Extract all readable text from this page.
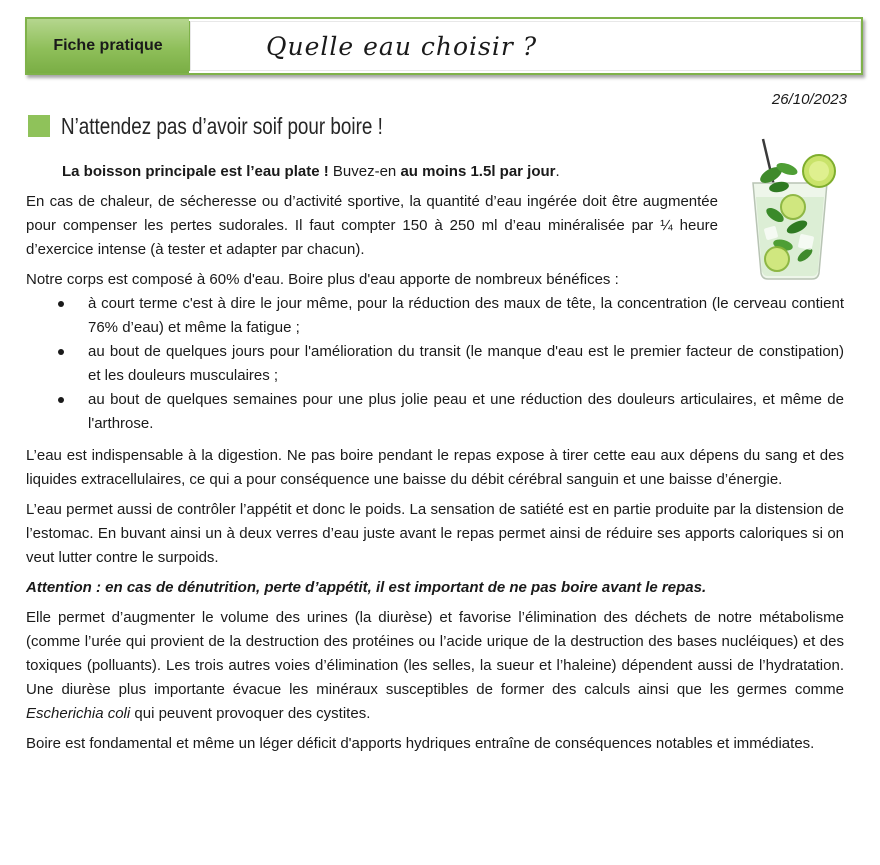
Fiche pratique	Quelle eau choisir ?
26/10/2023
N’attendez pas d’avoir soif pour boire !

La boisson principale est l’eau plate ! Buvez-en au moins 1.5l par jour.

En cas de chaleur, de sécheresse ou d’activité sportive, la quantité d’eau ingérée doit être augmentée pour compenser les pertes sudorales. Il faut compter 150 à 250 ml d’eau minéralisée par ¼ heure d’exercice intense (à tester et adapter par chacun).

Notre corps est composé à 60% d'eau. Boire plus d'eau apporte de nombreux bénéfices :

à court terme c'est à dire le jour même, pour la réduction des maux de tête, la concentration (le cerveau contient 76% d’eau) et même la fatigue ;
au bout de quelques jours pour l'amélioration du transit (le manque d'eau est le premier facteur de constipation) et les douleurs musculaires ;
au bout de quelques semaines pour une plus jolie peau et une réduction des douleurs articulaires, et même de l'arthrose.

L’eau est indispensable à la digestion. Ne pas boire pendant le repas expose à tirer cette eau aux dépens du sang et des liquides extracellulaires, ce qui a pour conséquence une baisse du débit cérébral sanguin et une baisse d’énergie.

L’eau permet aussi de contrôler l’appétit et donc le poids. La sensation de satiété est en partie produite par la distension de l’estomac. En buvant ainsi un à deux verres d’eau juste avant le repas permet ainsi de réduire ses apports caloriques si on veut lutter contre le surpoids.

Attention : en cas de dénutrition, perte d’appétit, il est important de ne pas boire avant le repas.

Elle permet d’augmenter le volume des urines (la diurèse) et favorise l’élimination des déchets de notre métabolisme (comme l’urée qui provient de la destruction des protéines ou l’acide urique de la destruction des bases nucléiques) et des toxiques (polluants). Les trois autres voies d’élimination (les selles, la sueur et l’haleine) dépendent aussi de l’hydratation. Une diurèse plus importante évacue les minéraux susceptibles de former des calculs ainsi que les germes comme Escherichia coli qui peuvent provoquer des cystites.

Boire est fondamental et même un léger déficit d'apports hydriques entraîne de conséquences notables et immédiates.
